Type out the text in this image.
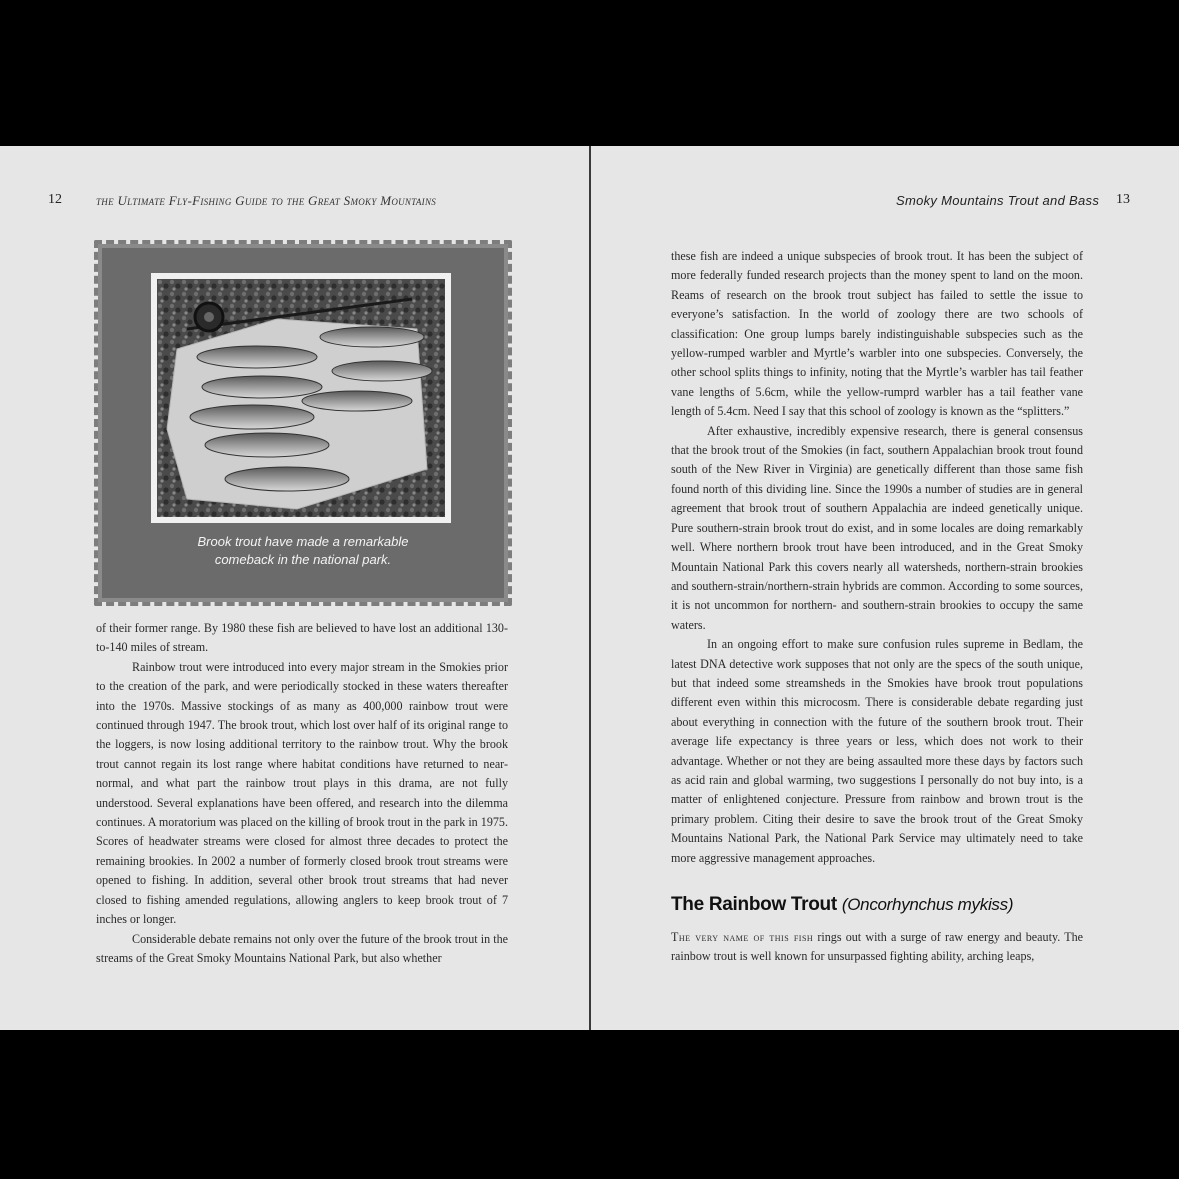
12	the Ultimate Fly-Fishing Guide to the Great Smoky Mountains
Brook trout have made a remarkable
comeback in the national park.

of their former range. By 1980 these fish are believed to have lost an additional 130-to-140 miles of stream.

Rainbow trout were introduced into every major stream in the Smokies prior to the creation of the park, and were periodically stocked in these waters thereafter into the 1970s. Massive stockings of as many as 400,000 rainbow trout were continued through 1947. The brook trout, which lost over half of its original range to the loggers, is now losing additional territory to the rainbow trout. Why the brook trout cannot regain its lost range where habitat conditions have returned to near-normal, and what part the rainbow trout plays in this drama, are not fully understood. Several explanations have been offered, and research into the dilemma continues. A moratorium was placed on the killing of brook trout in the park in 1975. Scores of headwater streams were closed for almost three decades to protect the remaining brookies. In 2002 a number of formerly closed brook trout streams were opened to fishing. In addition, several other brook trout streams that had never closed to fishing amended regulations, allowing anglers to keep brook trout of 7 inches or longer.

Considerable debate remains not only over the future of the brook trout in the streams of the Great Smoky Mountains National Park, but also whether

Smoky Mountains Trout and Bass 13

these fish are indeed a unique subspecies of brook trout. It has been the subject of more federally funded research projects than the money spent to land on the moon. Reams of research on the brook trout subject has failed to settle the issue to everyone’s satisfaction. In the world of zoology there are two schools of classification: One group lumps barely indistinguishable subspecies such as the yellow-rumped warbler and Myrtle’s warbler into one subspecies. Conversely, the other school splits things to infinity, noting that the Myrtle’s warbler has tail feather vane lengths of 5.6cm, while the yellow-rumprd warbler has a tail feather vane length of 5.4cm. Need I say that this school of zoology is known as the “splitters.”

After exhaustive, incredibly expensive research, there is general consensus that the brook trout of the Smokies (in fact, southern Appalachian brook trout found south of the New River in Virginia) are genetically different than those same fish found north of this dividing line. Since the 1990s a number of studies are in general agreement that brook trout of southern Appalachia are indeed genetically unique. Pure southern-strain brook trout do exist, and in some locales are doing remarkably well. Where northern brook trout have been introduced, and in the Great Smoky Mountain National Park this covers nearly all watersheds, northern-strain brookies and southern-strain/northern-strain hybrids are common. According to some sources, it is not uncommon for northern- and southern-strain brookies to occupy the same waters.

In an ongoing effort to make sure confusion rules supreme in Bedlam, the latest DNA detective work supposes that not only are the specs of the south unique, but that indeed some streamsheds in the Smokies have brook trout populations different even within this microcosm. There is considerable debate regarding just about everything in connection with the future of the southern brook trout. Their average life expectancy is three years or less, which does not work to their advantage. Whether or not they are being assaulted more these days by factors such as acid rain and global warming, two suggestions I personally do not buy into, is a matter of enlightened conjecture. Pressure from rainbow and brown trout is the primary problem. Citing their desire to save the brook trout of the Great Smoky Mountains National Park, the National Park Service may ultimately need to take more aggressive management approaches.

The Rainbow Trout (Oncorhynchus mykiss)

The very name of this fish rings out with a surge of raw energy and beauty. The rainbow trout is well known for unsurpassed fighting ability, arching leaps,
